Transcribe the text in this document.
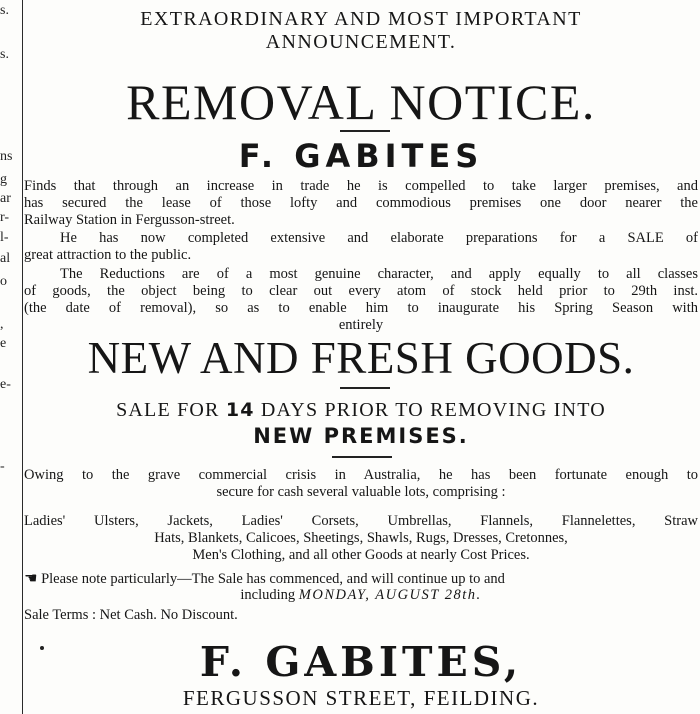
s.
s.
ns
g
ar
r-
l-
al
o
,
e
e-
-
EXTRAORDINARY AND MOST IMPORTANT
ANNOUNCEMENT.
REMOVAL NOTICE.
F. GABITES
Finds that through an increase in trade he is compelled to take larger premises, and
has secured the lease of those lofty and commodious premises one door nearer the
Railway Station in Fergusson-street.
He has now completed extensive and elaborate preparations for a SALE of
great attraction to the public.
The Reductions are of a most genuine character, and apply equally to all classes
of goods, the object being to clear out every atom of stock held prior to 29th inst.
(the date of removal), so as to enable him to inaugurate his Spring Season with
entirely
NEW AND FRESH GOODS.
SALE FOR 14 DAYS PRIOR TO REMOVING INTO
NEW PREMISES.
Owing to the grave commercial crisis in Australia, he has been fortunate enough to
secure for cash several valuable lots, comprising :
Ladies' Ulsters, Jackets, Ladies' Corsets, Umbrellas, Flannels, Flannelettes, Straw
Hats, Blankets, Calicoes, Sheetings, Shawls, Rugs, Dresses, Cretonnes,
Men's Clothing, and all other Goods at nearly Cost Prices.
☛ Please note particularly—The Sale has commenced, and will continue up to and
including MONDAY, AUGUST 28th.
Sale Terms : Net Cash. No Discount.
F. GABITES,
FERGUSSON STREET, FEILDING.
